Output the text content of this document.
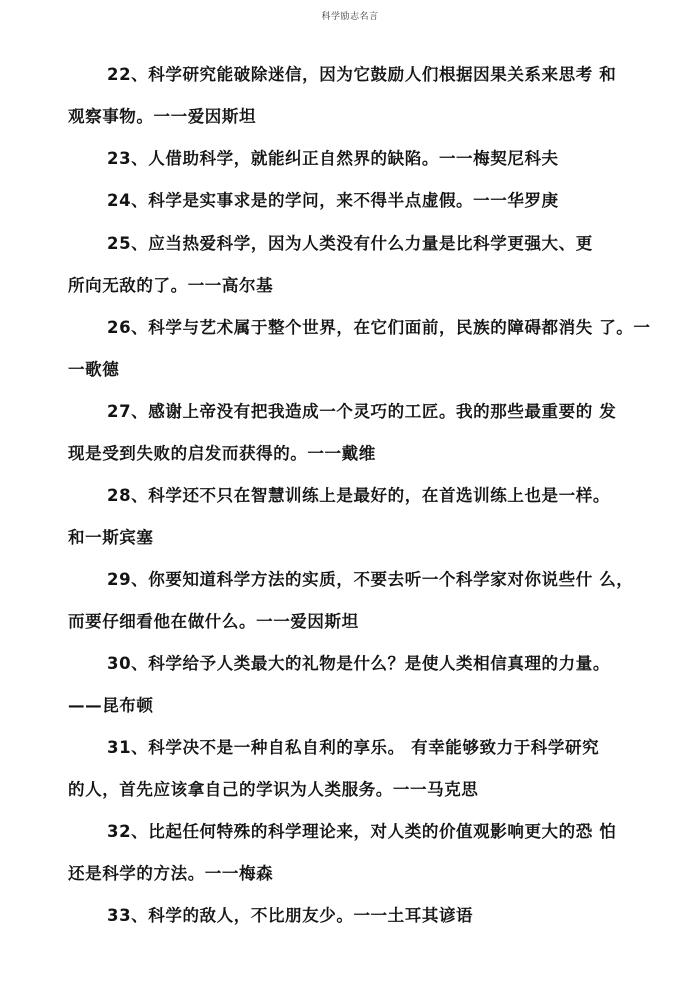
科学励志名言
22、科学研究能破除迷信，因为它鼓励人们根据因果关系来思考 和
观察事物。一一爱因斯坦
23、人借助科学，就能纠正自然界的缺陷。一一梅契尼科夫
24、科学是实事求是的学问，来不得半点虚假。一一华罗庚
25、应当热爱科学，因为人类没有什么力量是比科学更强大、更
所向无敌的了。一一高尔基
26、科学与艺术属于整个世界，在它们面前，民族的障碍都消失 了。一
一歌德
27、感谢上帝没有把我造成一个灵巧的工匠。我的那些最重要的 发
现是受到失败的启发而获得的。一一戴维
28、科学还不只在智慧训练上是最好的，在首选训练上也是一样。
和一斯宾塞
29、你要知道科学方法的实质，不要去听一个科学家对你说些什 么，
而要仔细看他在做什么。一一爱因斯坦
30、科学给予人类最大的礼物是什么？是使人类相信真理的力量。
——昆布顿
31、科学决不是一种自私自利的享乐。 有幸能够致力于科学研究
的人，首先应该拿自己的学识为人类服务。一一马克思
32、比起任何特殊的科学理论来，对人类的价值观影响更大的恐 怕
还是科学的方法。一一梅森
33、科学的敌人，不比朋友少。一一土耳其谚语
